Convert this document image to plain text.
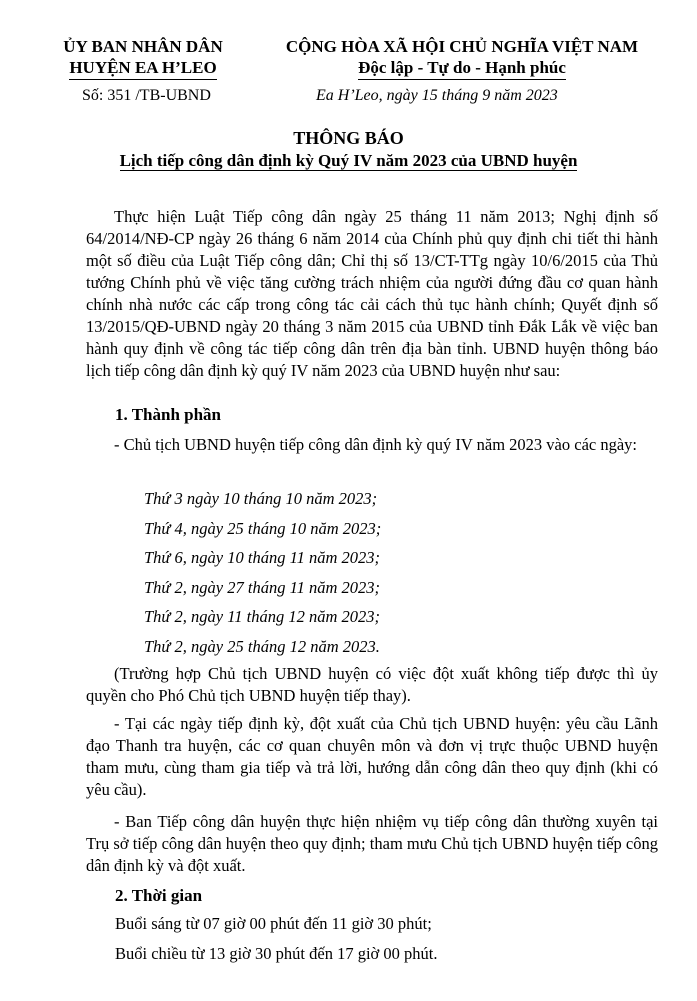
ỦY BAN NHÂN DÂN
HUYỆN EA H’LEO
CỘNG HÒA XÃ HỘI CHỦ NGHĨA VIỆT NAM
Độc lập - Tự do - Hạnh phúc
Số: 351 /TB-UBND	Ea H’Leo, ngày 15 tháng 9 năm 2023
THÔNG BÁO
Lịch tiếp công dân định kỳ Quý IV năm 2023 của UBND huyện
Thực hiện Luật Tiếp công dân ngày 25 tháng 11 năm 2013; Nghị định số 64/2014/NĐ-CP ngày 26 tháng 6 năm 2014 của Chính phủ quy định chi tiết thi hành một số điều của Luật Tiếp công dân; Chỉ thị số 13/CT-TTg ngày 10/6/2015 của Thủ tướng Chính phủ về việc tăng cường trách nhiệm của người đứng đầu cơ quan hành chính nhà nước các cấp trong công tác cải cách thủ tục hành chính; Quyết định số 13/2015/QĐ-UBND ngày 20 tháng 3 năm 2015 của UBND tỉnh Đắk Lắk về việc ban hành quy định về công tác tiếp công dân trên địa bàn tỉnh. UBND huyện thông báo lịch tiếp công dân định kỳ quý IV năm 2023 của UBND huyện như sau:
1. Thành phần
- Chủ tịch UBND huyện tiếp công dân định kỳ quý IV năm 2023 vào các ngày:
Thứ 3 ngày 10 tháng 10 năm 2023;
Thứ 4, ngày 25 tháng 10 năm 2023;
Thứ 6, ngày 10 tháng 11 năm 2023;
Thứ 2, ngày 27 tháng 11 năm 2023;
Thứ 2, ngày 11 tháng 12 năm 2023;
Thứ 2, ngày 25 tháng 12 năm 2023.
(Trường hợp Chủ tịch UBND huyện có việc đột xuất không tiếp được thì ủy quyền cho Phó Chủ tịch UBND huyện tiếp thay).
- Tại các ngày tiếp định kỳ, đột xuất của Chủ tịch UBND huyện: yêu cầu Lãnh đạo Thanh tra huyện, các cơ quan chuyên môn và đơn vị trực thuộc UBND huyện tham mưu, cùng tham gia tiếp và trả lời, hướng dẫn công dân theo quy định (khi có yêu cầu).
- Ban Tiếp công dân huyện thực hiện nhiệm vụ tiếp công dân thường xuyên tại Trụ sở tiếp công dân huyện theo quy định; tham mưu Chủ tịch UBND huyện tiếp công dân định kỳ và đột xuất.
2. Thời gian
Buổi sáng từ 07 giờ 00 phút đến 11 giờ 30 phút;
Buổi chiều từ 13 giờ 30 phút đến 17 giờ 00 phút.
